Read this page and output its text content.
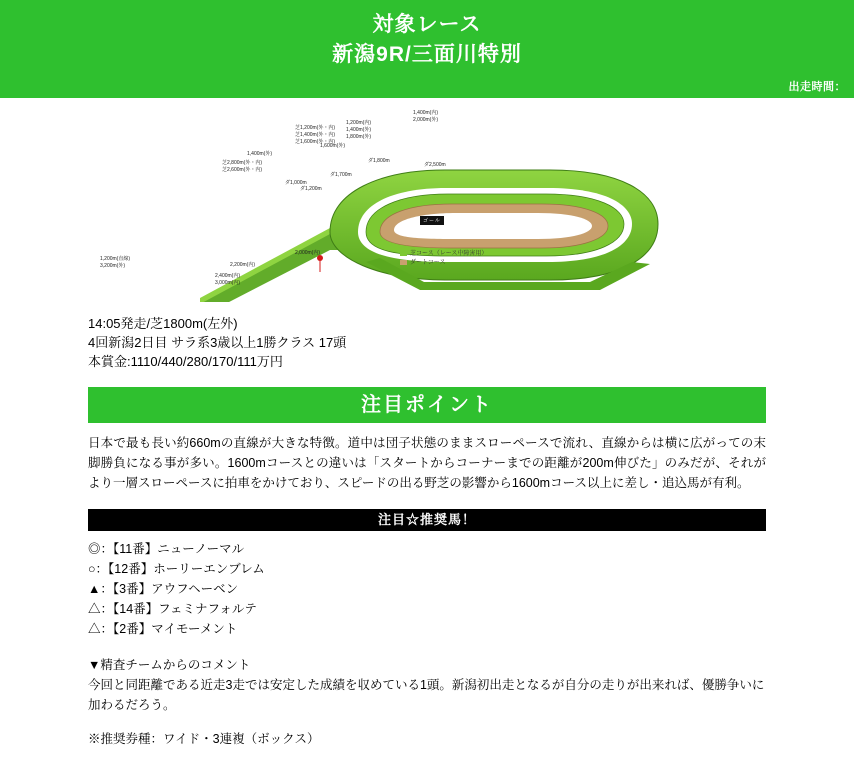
対象レース
新潟9R/三面川特別
出走時間：
1,400m(内)
2,000m(外)
1,200m(内)
1,400m(外)
1,800m(外)
1,600m(外)
芝1,200m(外・内)
芝1,400m(外・内)
芝1,600m(外・内)
1,400m(外)
ダ2,500m
ダ1,800m
ダ1,700m
ダ1,200m
ダ1,000m
芝2,800m(外・内)
芝2,600m(外・内)
1,200m(直線)
3,200m(外)	2,200m(内)
2,000m(内)
2,400m(内)
3,000m(内)
ゴール
芝コース（レース中障害用）
ダートコース
14:05発走/芝1800m(左外)
4回新潟2日目 サラ系3歳以上1勝クラス 17頭
本賞金:1110/440/280/170/111万円
注目ポイント
日本で最も長い約660mの直線が大きな特徴。道中は団子状態のままスローペースで流れ、直線からは横に広がっての末脚勝負になる事が多い。1600mコースとの違いは「スタートからコーナーまでの距離が200m伸びた」のみだが、それがより一層スローペースに拍車をかけており、スピードの出る野芝の影響から1600mコース以上に差し・追込馬が有利。
注目☆推奨馬！
◎：【11番】ニューノーマル
○：【12番】ホーリーエンブレム
▲：【3番】アウフヘーベン
△：【14番】フェミナフォルテ
△：【2番】マイモーメント
▼精査チームからのコメント
今回と同距離である近走3走では安定した成績を収めている1頭。新潟初出走となるが自分の走りが出来れば、優勝争いに加わるだろう。
※推奨券種：ワイド・3連複（ボックス）
